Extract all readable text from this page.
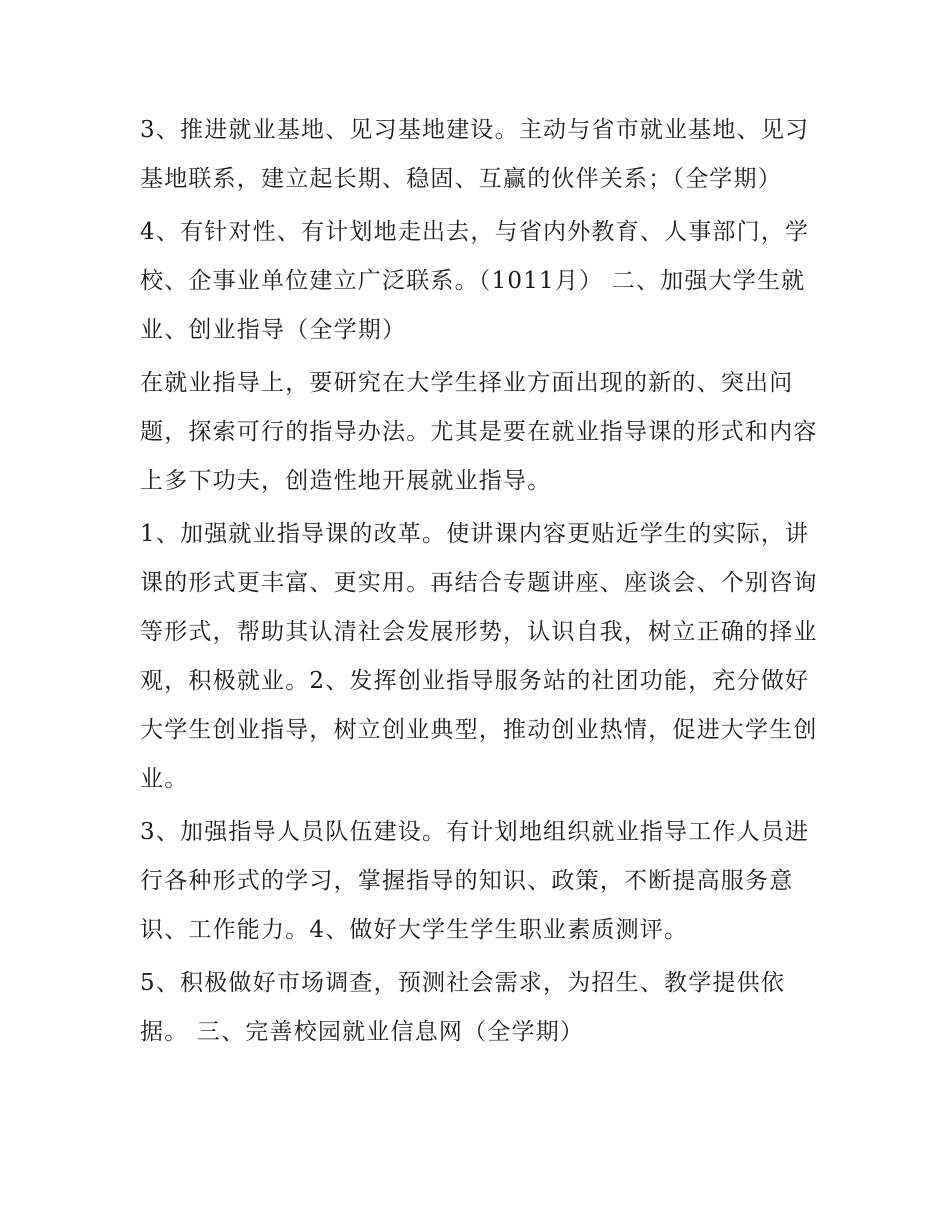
3、推进就业基地、见习基地建设。主动与省市就业基地、见习基地联系，建立起长期、稳固、互赢的伙伴关系；（全学期）

4、有针对性、有计划地走出去，与省内外教育、人事部门，学校、企事业单位建立广泛联系。（1011月） 二、加强大学生就业、创业指导（全学期）

在就业指导上，要研究在大学生择业方面出现的新的、突出问题，探索可行的指导办法。尤其是要在就业指导课的形式和内容上多下功夫，创造性地开展就业指导。

1、加强就业指导课的改革。使讲课内容更贴近学生的实际，讲课的形式更丰富、更实用。再结合专题讲座、座谈会、个别咨询等形式，帮助其认清社会发展形势，认识自我，树立正确的择业观，积极就业。2、发挥创业指导服务站的社团功能，充分做好大学生创业指导，树立创业典型，推动创业热情，促进大学生创业。

3、加强指导人员队伍建设。有计划地组织就业指导工作人员进行各种形式的学习，掌握指导的知识、政策，不断提高服务意识、工作能力。4、做好大学生学生职业素质测评。

5、积极做好市场调查，预测社会需求，为招生、教学提供依据。 三、完善校园就业信息网（全学期）
